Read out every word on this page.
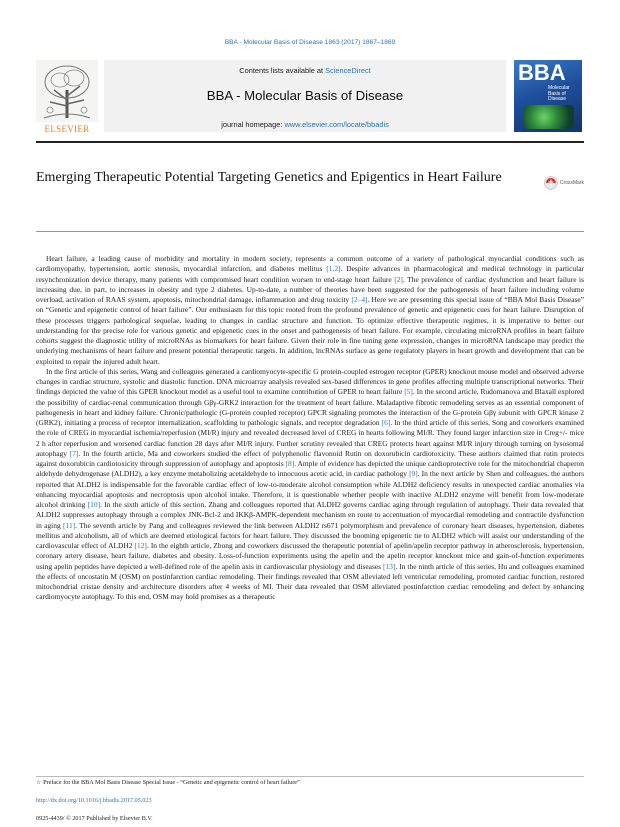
BBA - Molecular Basis of Disease 1863 (2017) 1867–1869
ELSEVIER
Contents lists available at ScienceDirect
BBA - Molecular Basis of Disease
journal homepage: www.elsevier.com/locate/bbadis
BBA
Molecular Basis of Disease
Emerging Therapeutic Potential Targeting Genetics and Epigentics in Heart Failure	CrossMark

Heart failure, a leading cause of morbidity and mortality in modern society, represents a common outcome of a variety of pathological myocardial conditions such as cardiomyopathy, hypertension, aortic stenosis, myocardial infarction, and diabetes mellitus [1,2]. Despite advances in pharmacological and medical technology in particular resynchronization device therapy, many patients with compromised heart condition worsen to end-stage heart failure [2]. The prevalence of cardiac dysfunction and heart failure is increasing due, in part, to increases in obesity and type 2 diabetes. Up-to-date, a number of theories have been suggested for the pathogenesis of heart failure including volume overload, activation of RAAS system, apoptosis, mitochondrial damage, inflammation and drug toxicity [2–4]. Here we are presenting this special issue of “BBA Mol Basis Disease” on “Genetic and epigenetic control of heart failure”. Our enthusiasm for this topic rooted from the profound prevalence of genetic and epigenetic cues for heart failure. Disruption of these processes triggers pathological sequelae, leading to changes in cardiac structure and function. To optimize effective therapeutic regimes, it is imperative to better our understanding for the precise role for various genetic and epigenetic cues in the onset and pathogenesis of heart failure. For example, circulating microRNA profiles in heart failure cohorts suggest the diagnostic utility of microRNAs as biomarkers for heart failure. Given their role in fine tuning gene expression, changes in microRNA landscape may predict the underlying mechanisms of heart failure and present potential therapeutic targets. In addition, lncRNAs surface as gene regulatory players in heart growth and development that can be exploited to repair the injured adult heart.

In the first article of this series, Wang and colleagues generated a cardiomyocyte-specific G protein-coupled estrogen receptor (GPER) knockout mouse model and observed adverse changes in cardiac structure, systolic and diastolic function. DNA microarray analysis revealed sex-based differences in gene profiles affecting multiple transcriptional networks. Their findings depicted the value of this GPER knockout model as a useful tool to examine contribution of GPER to heart failure [5]. In the second article, Rudomanova and Blaxall explored the possibility of cardiac-renal communication through Gβγ-GRK2 interaction for the treatment of heart failure. Maladaptive fibrotic remodeling serves as an essential component of pathogenesis in heart and kidney failure. Chronic/pathologic (G-protein coupled receptor) GPCR signaling promotes the interaction of the G-protein Gβγ subunit with GPCR kinase 2 (GRK2), initiating a process of receptor internalization, scaffolding to pathologic signals, and receptor degradation [6]. In the third article of this series, Song and coworkers examined the role of CREG in myocardial ischemia/reperfusion (MI/R) injury and revealed decreased level of CREG in hearts following MI/R. They found larger infarction size in Creg+/- mice 2 h after reperfusion and worsened cardiac function 28 days after MI/R injury. Further scrutiny revealed that CREG protects heart against MI/R injury through turning on lysosomal autophagy [7]. In the fourth article, Ma and coworkers studied the effect of polyphenolic flavonoid Rutin on doxorubicin cardiotoxicity. These authors claimed that rutin protects against doxorubicin cardiotoxicity through suppression of autophagy and apoptosis [8]. Ample of evidence has depicted the unique cardioprotective role for the mitochondrial chaperon aldehyde dehydrogenase (ALDH2), a key enzyme metabolizing acetaldehyde to innocuous acetic acid, in cardiac pathology [9]. In the next article by Shen and colleagues, the authors reported that ALDH2 is indispensable for the favorable cardiac effect of low-to-moderate alcohol consumption while ALDH2 deficiency results in unexpected cardiac anomalies via enhancing myocardial apoptosis and necroptosis upon alcohol intake. Therefore, it is questionable whether people with inactive ALDH2 enzyme will benefit from low-moderate alcohol drinking [10]. In the sixth article of this section, Zhang and colleagues reported that ALDH2 governs cardiac aging through regulation of autophagy. Their data revealed that ALDH2 suppresses autophagy through a complex JNK-Bcl-2 and IKKβ-AMPK-dependent mechanism en route to accentuation of myocardial remodeling and contractile dysfunction in aging [11]. The seventh article by Pang and colleagues reviewed the link between ALDH2 rs671 polymorphism and prevalence of coronary heart diseases, hypertension, diabetes mellitus and alcoholism, all of which are deemed etiological factors for heart failure. They discussed the booming epigenetic tie to ALDH2 which will assist our understanding of the cardiovascular effect of ALDH2 [12]. In the eighth article, Zhong and coworkers discussed the therapeutic potential of apelin/apelin receptor pathway in atherosclerosis, hypertension, coronary artery disease, heart failure, diabetes and obesity. Loss-of-function experiments using the apelin and the apelin receptor knockout mice and gain-of-function experiments using apelin peptides have depicted a well-defined role of the apelin axis in cardiovascular physiology and diseases [13]. In the ninth article of this series, Hu and colleagues examined the effects of oncostatin M (OSM) on postinfarction cardiac remodeling. Their findings revealed that OSM alleviated left ventricular remodeling, promoted cardiac function, restored mitochondrial cristae density and architecture disorders after 4 weeks of MI. Their data revealed that OSM alleviated postinfarction cardiac remodeling and defect by enhancing cardiomyocyte autophagy. To this end, OSM may hold promises as a therapeutic

☆ Preface for the BBA Mol Basis Disease Special Issue - “Genetic and epigenetic control of heart failure”
http://dx.doi.org/10.1016/j.bbadis.2017.05.023
0925-4439/ © 2017 Published by Elsevier B.V.
